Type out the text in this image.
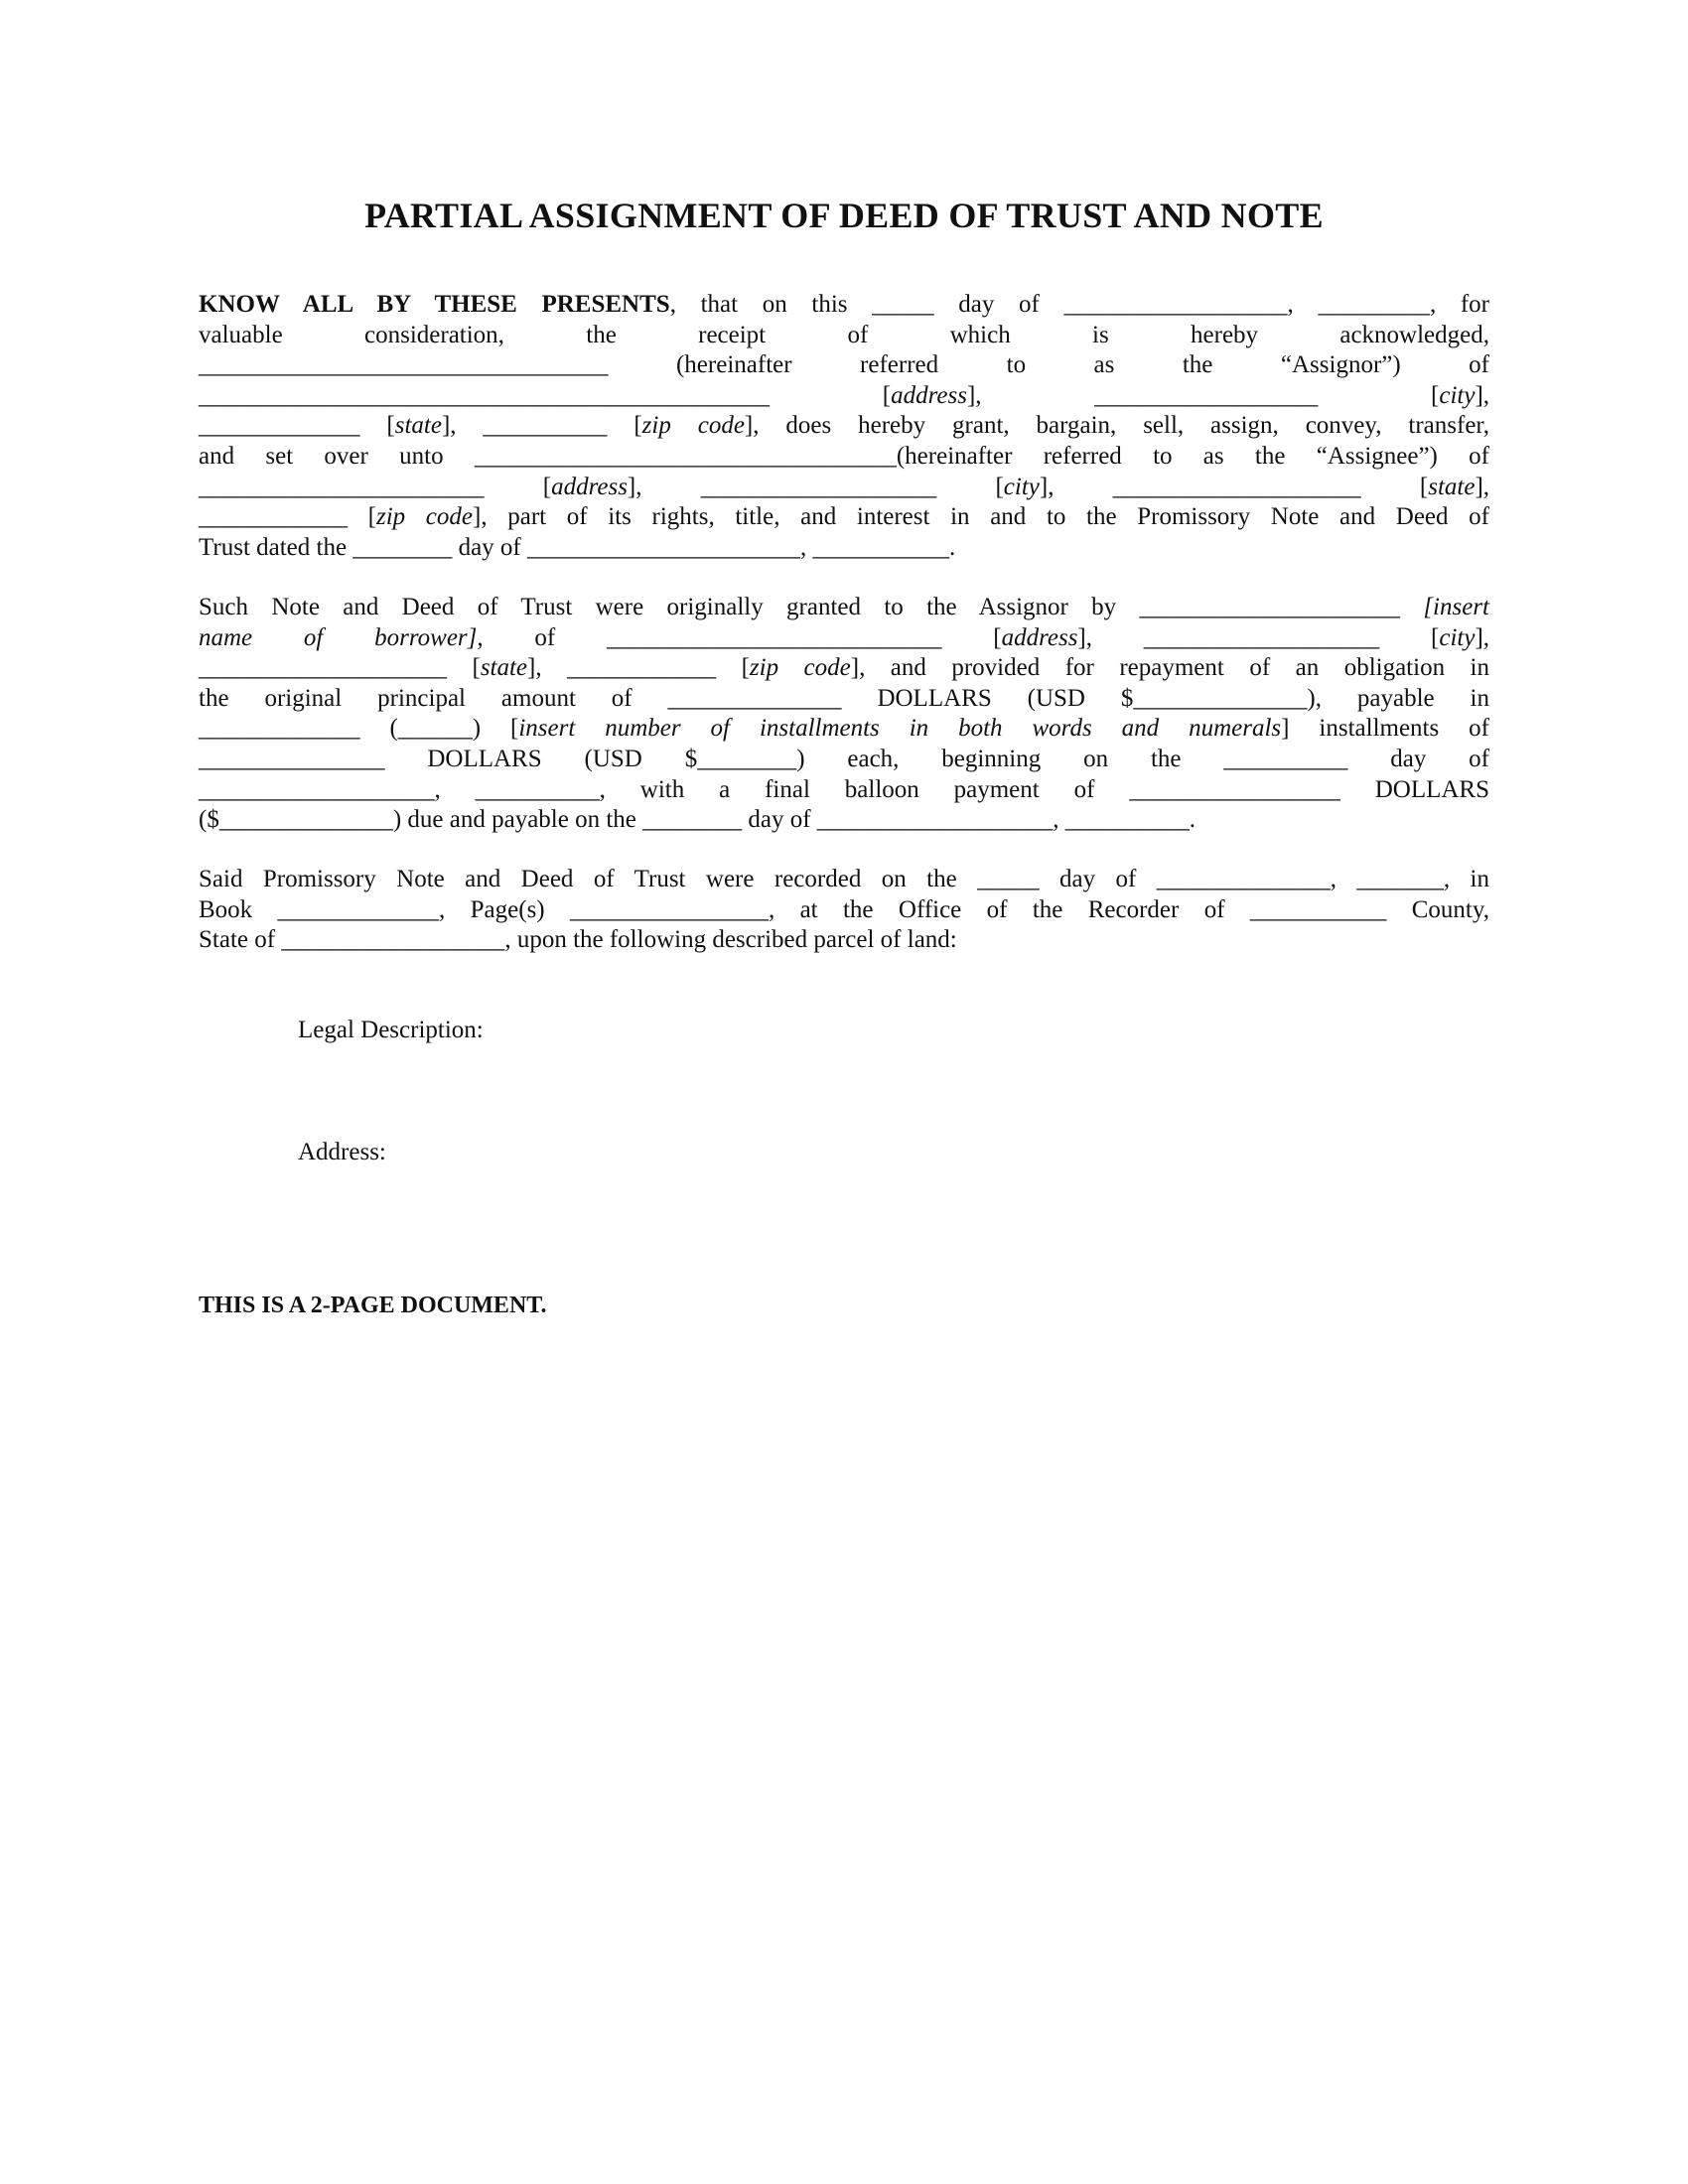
PARTIAL ASSIGNMENT OF DEED OF TRUST AND NOTE
KNOW ALL BY THESE PRESENTS, that on this _____ day of __________________, _________, for
valuable consideration, the receipt of which is hereby acknowledged,
_________________________________ (hereinafter referred to as the “Assignor”) of
______________________________________________ [address], __________________ [city],
_____________ [state], __________ [zip code], does hereby grant, bargain, sell, assign, convey, transfer,
and set over unto __________________________________(hereinafter referred to as the “Assignee”) of
_______________________ [address], ___________________ [city], ____________________ [state],
____________ [zip code], part of its rights, title, and interest in and to the Promissory Note and Deed of
Trust dated the ________ day of ______________________, ___________.
Such Note and Deed of Trust were originally granted to the Assignor by _____________________ [insert
name of borrower], of ___________________________ [address], ___________________ [city],
____________________ [state], ____________ [zip code], and provided for repayment of an obligation in
the original principal amount of ______________ DOLLARS (USD $______________), payable in
_____________ (______) [insert number of installments in both words and numerals] installments of
_______________ DOLLARS (USD $________) each, beginning on the __________ day of
___________________, __________, with a final balloon payment of _________________ DOLLARS
($______________) due and payable on the ________ day of ___________________, __________.
Said Promissory Note and Deed of Trust were recorded on the _____ day of ______________, _______, in
Book _____________, Page(s) ________________, at the Office of the Recorder of ___________ County,
State of __________________, upon the following described parcel of land:
Legal Description:
Address:
THIS IS A 2-PAGE DOCUMENT.
